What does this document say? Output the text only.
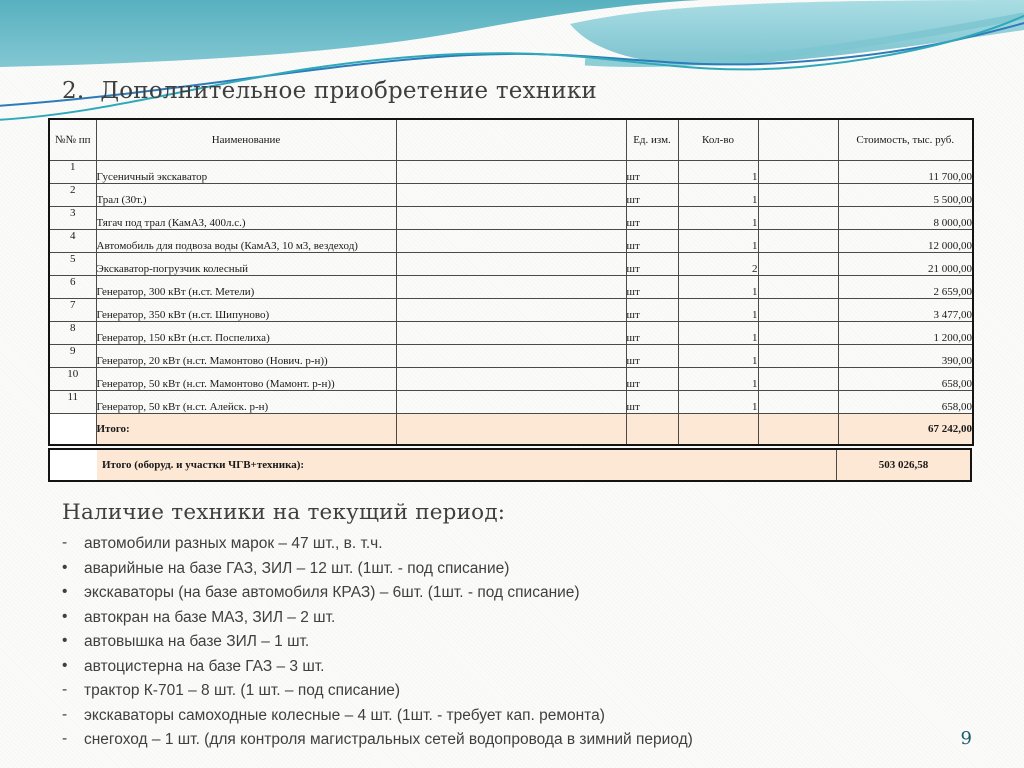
2. Дополнительное приобретение техники
№№ пп	Наименование		Ед. изм.	Кол-во		Стоимость, тыс. руб.
1	Гусеничный экскаватор		шт	1		11 700,00
2	Трал (30т.)		шт	1		5 500,00
3	Тягач под трал (КамАЗ, 400л.с.)		шт	1		8 000,00
4	Автомобиль для подвоза воды (КамАЗ, 10 м3, вездеход)		шт	1		12 000,00
5	Экскаватор-погрузчик колесный		шт	2		21 000,00
6	Генератор, 300 кВт (н.ст. Метели)		шт	1		2 659,00
7	Генератор, 350 кВт (н.ст. Шипуново)		шт	1		3 477,00
8	Генератор, 150 кВт (н.ст. Поспелиха)		шт	1		1 200,00
9	Генератор, 20 кВт (н.ст. Мамонтово (Нович. р-н))		шт	1		390,00
10	Генератор, 50 кВт (н.ст. Мамонтово (Мамонт. р-н))		шт	1		658,00
11	Генератор, 50 кВт (н.ст. Алейск. р-н)		шт	1		658,00
	Итого:					67 242,00
Итого (оборуд. и участки ЧГВ+техника):	503 026,58
Наличие техники на текущий период:
- автомобили разных марок – 47 шт., в. т.ч.
• аварийные на базе ГАЗ, ЗИЛ – 12 шт. (1шт. - под списание)
• экскаваторы (на базе автомобиля КРАЗ) – 6шт. (1шт. - под списание)
• автокран на базе МАЗ, ЗИЛ – 2 шт.
• автовышка на базе ЗИЛ – 1 шт.
• автоцистерна на базе ГАЗ – 3 шт.
- трактор К-701 – 8 шт. (1 шт. – под списание)
- экскаваторы самоходные колесные – 4 шт. (1шт. - требует кап. ремонта)
- снегоход – 1 шт. (для контроля магистральных сетей водопровода в зимний период)	9
